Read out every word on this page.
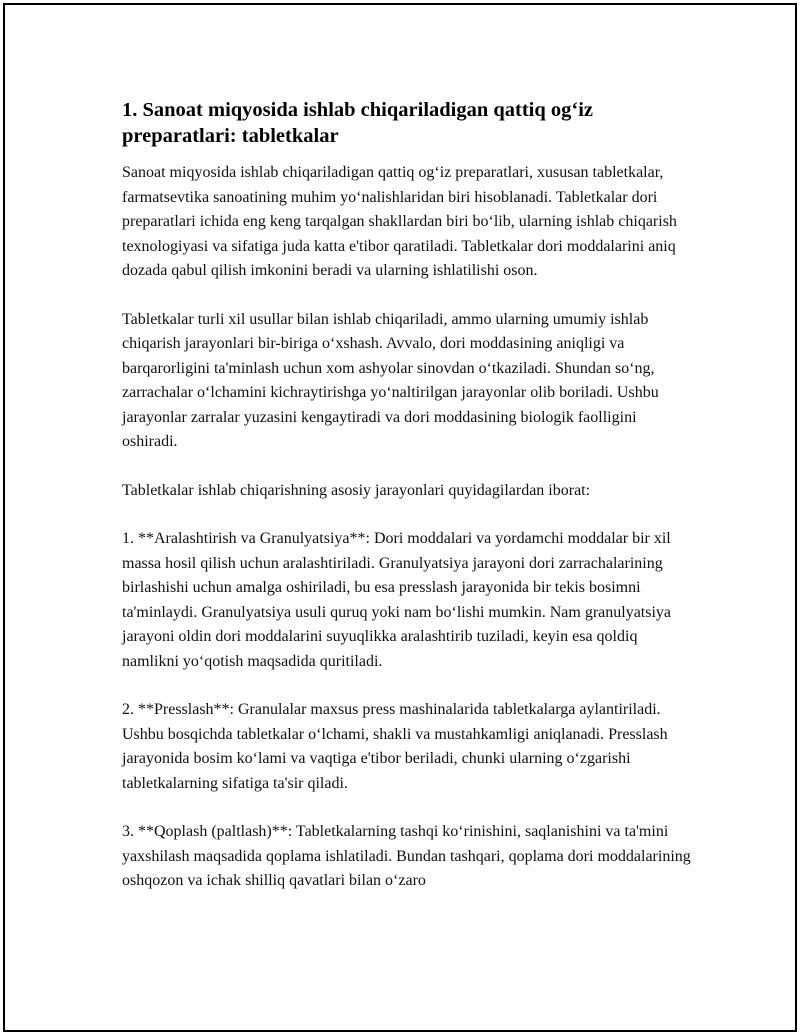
1. Sanoat miqyosida ishlab chiqariladigan qattiq og‘iz preparatlari: tabletkalar

Sanoat miqyosida ishlab chiqariladigan qattiq og‘iz preparatlari, xususan tabletkalar, farmatsevtika sanoatining muhim yo‘nalishlaridan biri hisoblanadi. Tabletkalar dori preparatlari ichida eng keng tarqalgan shakllardan biri bo‘lib, ularning ishlab chiqarish texnologiyasi va sifatiga juda katta e'tibor qaratiladi. Tabletkalar dori moddalarini aniq dozada qabul qilish imkonini beradi va ularning ishlatilishi oson.

Tabletkalar turli xil usullar bilan ishlab chiqariladi, ammo ularning umumiy ishlab chiqarish jarayonlari bir-biriga o‘xshash. Avvalo, dori moddasining aniqligi va barqarorligini ta'minlash uchun xom ashyolar sinovdan o‘tkaziladi. Shundan so‘ng, zarrachalar o‘lchamini kichraytirishga yo‘naltirilgan jarayonlar olib boriladi. Ushbu jarayonlar zarralar yuzasini kengaytiradi va dori moddasining biologik faolligini oshiradi.

Tabletkalar ishlab chiqarishning asosiy jarayonlari quyidagilardan iborat:

1. **Aralashtirish va Granulyatsiya**: Dori moddalari va yordamchi moddalar bir xil massa hosil qilish uchun aralashtiriladi. Granulyatsiya jarayoni dori zarrachalarining birlashishi uchun amalga oshiriladi, bu esa presslash jarayonida bir tekis bosimni ta'minlaydi. Granulyatsiya usuli quruq yoki nam bo‘lishi mumkin. Nam granulyatsiya jarayoni oldin dori moddalarini suyuqlikka aralashtirib tuziladi, keyin esa qoldiq namlikni yo‘qotish maqsadida quritiladi.

2. **Presslash**: Granulalar maxsus press mashinalarida tabletkalarga aylantiriladi. Ushbu bosqichda tabletkalar o‘lchami, shakli va mustahkamligi aniqlanadi. Presslash jarayonida bosim ko‘lami va vaqtiga e'tibor beriladi, chunki ularning o‘zgarishi tabletkalarning sifatiga ta'sir qiladi.

3. **Qoplash (paltlash)**: Tabletkalarning tashqi ko‘rinishini, saqlanishini va ta'mini yaxshilash maqsadida qoplama ishlatiladi. Bundan tashqari, qoplama dori moddalarining oshqozon va ichak shilliq qavatlari bilan o‘zaro
